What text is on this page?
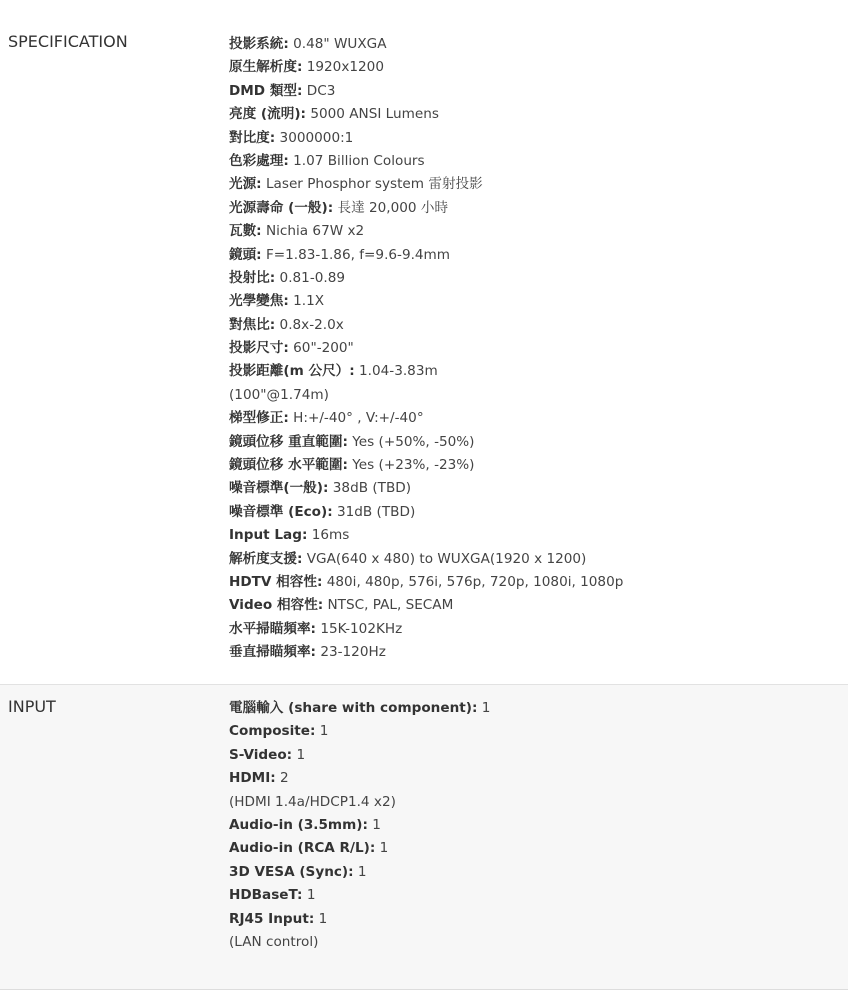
SPECIFICATION	投影系統: 0.48" WUXGA
原生解析度: 1920x1200
DMD 類型: DC3
亮度 (流明): 5000 ANSI Lumens
對比度: 3000000:1
色彩處理: 1.07 Billion Colours
光源: Laser Phosphor system 雷射投影
光源壽命 (一般): 長達 20,000 小時
瓦數: Nichia 67W x2
鏡頭: F=1.83-1.86, f=9.6-9.4mm
投射比: 0.81-0.89
光學變焦: 1.1X
對焦比: 0.8x-2.0x
投影尺寸: 60"-200"
投影距離(m 公尺）: 1.04-3.83m
(100"@1.74m)
梯型修正: H:+/-40° , V:+/-40°
鏡頭位移 重直範圍: Yes (+50%, -50%)
鏡頭位移 水平範圍: Yes (+23%, -23%)
噪音標準(一般): 38dB (TBD)
噪音標準 (Eco): 31dB (TBD)
Input Lag: 16ms
解析度支援: VGA(640 x 480) to WUXGA(1920 x 1200)
HDTV 相容性: 480i, 480p, 576i, 576p, 720p, 1080i, 1080p
Video 相容性: NTSC, PAL, SECAM
水平掃瞄頻率: 15K-102KHz
垂直掃瞄頻率: 23-120Hz
INPUT	電腦輸入 (share with component): 1
Composite: 1
S-Video: 1
HDMI: 2
(HDMI 1.4a/HDCP1.4 x2)
Audio-in (3.5mm): 1
Audio-in (RCA R/L): 1
3D VESA (Sync): 1
HDBaseT: 1
RJ45 Input: 1
(LAN control)
